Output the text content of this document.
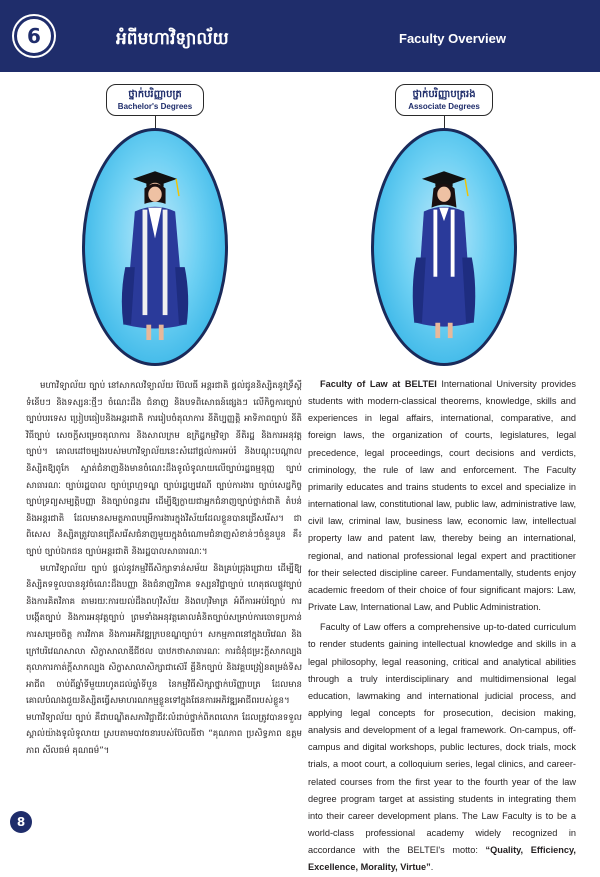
6	អំពីមហាវិទ្យាល័យ	Faculty Overview
ថ្នាក់បរិញ្ញាបត្រ
Bachelor's Degrees
ថ្នាក់បរិញ្ញាបត្ររង
Associate Degrees

មហាវិទ្យាល័យ ច្បាប់ នៅសាកលវិទ្យាល័យ ប៊ែលធី អន្តរជាតិ ផ្តល់ជូននិស្សិតនូវទ្រឹស្តីទំនើបៗ និងទស្សនៈថ្មីៗ ចំណេះដឹង ជំនាញ និងបទពិសោធន៍ផ្សេងៗ លើកិច្ចការច្បាប់ ច្បាប់បរទេស ប្រៀបធៀបនិងអន្តរជាតិ ការរៀបចំតុលាការ នីតិប្បញ្ញត្តិ អាទិភាពច្បាប់ នីតិវិធីច្បាប់ សេចក្តីសម្រេចតុលាការ និងសាលក្រម ឧក្រិដ្ឋកម្មវិទ្យា នីតិរដ្ឋ និងការអនុវត្តច្បាប់។ គោលដៅចម្បងរបស់មហាវិទ្យាល័យនេះសំដៅផ្តល់ការអប់រំ និងបណ្តុះបណ្តាលនិស្សិតឱ្យពូកែ ស្ទាត់ជំនាញនិងមានចំណេះដឹងទូលំទូលាយលើច្បាប់រដ្ឋធម្មនុញ្ញ ច្បាប់សាធារណៈ ច្បាប់រដ្ឋបាល ច្បាប់ព្រហ្មទណ្ឌ ច្បាប់រដ្ឋប្បវេណី ច្បាប់ការងារ ច្បាប់សេដ្ឋកិច្ច ច្បាប់ទ្រព្យសម្បត្តិបញ្ញា និងច្បាប់ពន្ធដារ ដើម្បីឱ្យក្លាយជាអ្នកជំនាញច្បាប់ថ្នាក់ជាតិ តំបន់ និងអន្តរជាតិ ដែលមានសមត្ថភាពបម្រើការងារក្នុងវិស័យដែលខ្លួនបានជ្រើសរើស។ ជាពិសេស និស្សិតត្រូវបានជ្រើសរើសជំនាញមួយក្នុងចំណោមជំនាញសំខាន់ៗចំនួនបួន គឺ៖ ច្បាប់ ច្បាប់ឯកជន ច្បាប់អន្តរជាតិ និងរដ្ឋបាលសាធារណៈ។

មហាវិទ្យាល័យ ច្បាប់ ផ្តល់នូវកម្មវិធីសិក្សាទាន់សម័យ និងគ្រប់ជ្រុងជ្រោយ ដើម្បីឱ្យនិស្សិតទទួលបាននូវចំណេះដឹងបញ្ញា និងជំនាញវិភាគ ទស្សនវិជ្ជាច្បាប់ ហេតុផលផ្លូវច្បាប់ និងការគិតវិភាគ តាមរយៈការយល់ដឹងពហុវិស័យ និងពហុវិមាត្រ អំពីការអប់រំច្បាប់ ការបង្កើតច្បាប់ និងការអនុវត្តច្បាប់ ព្រមទាំងអនុវត្តគោលគំនិតច្បាប់សម្រាប់ការចោទប្រកាន់ ការសម្រេចចិត្ត ការវិភាគ និងការអភិវឌ្ឍក្របខណ្ឌច្បាប់។ សកម្មភាពនៅក្នុងបរិវេណ និងក្រៅបរិវេណសាលា សិក្ខាសាលាឌីជីថល បាឋកថាសាធារណៈ ការជំនុំជម្រះក្ដីសាកល្បង តុលាការកាត់ក្ដីសាកល្បង សិក្ខាសាលាសិក្សាជាស៊េរី គ្លីនិកច្បាប់ និងវគ្គបង្រៀនតម្រង់ទិសអាជីព ចាប់ពីឆ្នាំទីមួយរហូតដល់ឆ្នាំទីបួន នៃកម្មវិធីសិក្សាថ្នាក់បរិញ្ញាបត្រ ដែលមានគោលបំណងជួយនិស្សិតធ្វើសមាហរណកម្មខ្លួនទៅក្នុងផែនការអភិវឌ្ឍអាជីពរបស់ខ្លួន។ មហាវិទ្យាល័យ ច្បាប់ គឺជាបណ្ឌិតសភាវិជ្ជាជីវៈលំដាប់ថ្នាក់ពិភពលោក ដែលត្រូវបានទទួលស្គាល់យ៉ាងទូលំទូលាយ ស្របតាមបាវចនារបស់ប៊ែលធីថា “គុណភាព ប្រសិទ្ធភាព ឧត្តមភាព សីលធម៌ គុណធម៌”។

Faculty of Law at BELTEI International University provides students with modern-classical theorems, knowledge, skills and experiences in legal affairs, international, comparative, and foreign laws, the organization of courts, legislatures, legal precedence, legal proceedings, court decisions and verdicts, criminology, the rule of law and enforcement. The Faculty primarily educates and trains students to excel and specialize in international law, constitutional law, public law, administrative law, civil law, criminal law, business law, economic law, intellectual property law and patent law, thereby being an international, regional, and national professional legal expert and practitioner for their selected discipline career. Fundamentally, students enjoy academic freedom of their choice of four significant majors: Law, Private Law, International Law, and Public Administration.

Faculty of Law offers a comprehensive up-to-dated curriculum to render students gaining intellectual knowledge and skills in a legal philosophy, legal reasoning, critical and analytical abilities through a truly interdisciplinary and multidimensional legal education, lawmaking and international judicial process, and applying legal concepts for prosecution, decision making, analysis and development of a legal framework. On-campus, off-campus and digital workshops, public lectures, dock trials, mock trials, a moot court, a colloquium series, legal clinics, and career-related courses from the first year to the fourth year of the law degree program target at assisting students in integrating them into their career development plans. The Law Faculty is to be a world-class professional academy widely recognized in accordance with the BELTEI's motto: “Quality, Efficiency, Excellence, Morality, Virtue”.

8
